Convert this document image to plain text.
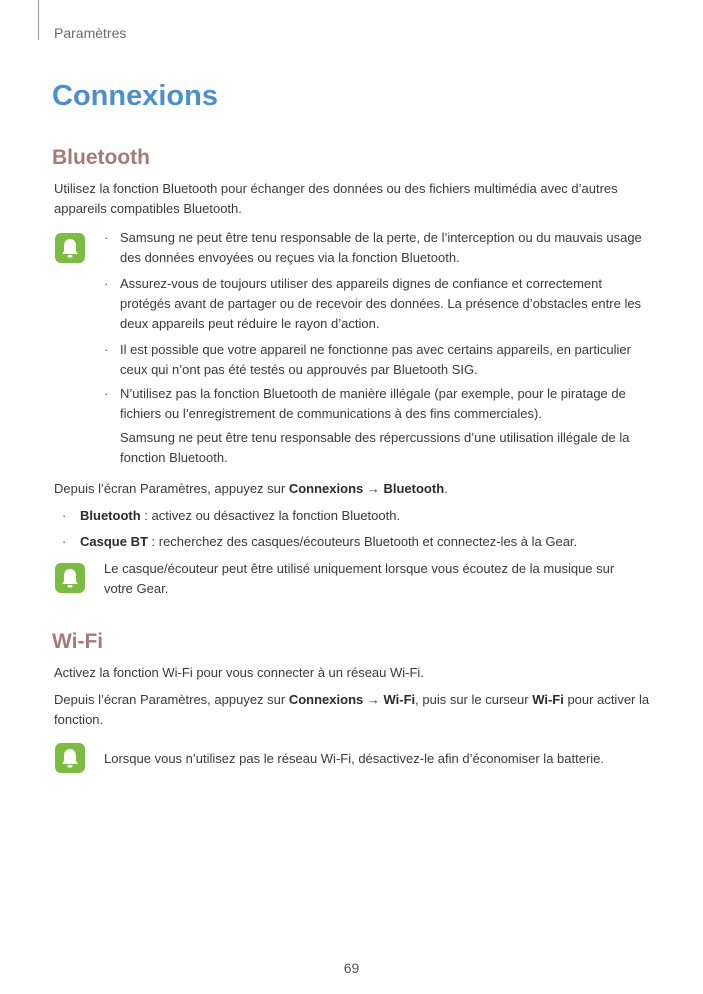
Paramètres
Connexions
Bluetooth
Utilisez la fonction Bluetooth pour échanger des données ou des fichiers multimédia avec d’autres appareils compatibles Bluetooth.
· Samsung ne peut être tenu responsable de la perte, de l’interception ou du mauvais usage des données envoyées ou reçues via la fonction Bluetooth.
· Assurez-vous de toujours utiliser des appareils dignes de confiance et correctement protégés avant de partager ou de recevoir des données. La présence d’obstacles entre les deux appareils peut réduire le rayon d’action.
· Il est possible que votre appareil ne fonctionne pas avec certains appareils, en particulier ceux qui n’ont pas été testés ou approuvés par Bluetooth SIG.
· N’utilisez pas la fonction Bluetooth de manière illégale (par exemple, pour le piratage de fichiers ou l’enregistrement de communications à des fins commerciales).
Samsung ne peut être tenu responsable des répercussions d’une utilisation illégale de la fonction Bluetooth.
Depuis l’écran Paramètres, appuyez sur Connexions → Bluetooth.
· Bluetooth : activez ou désactivez la fonction Bluetooth.
· Casque BT : recherchez des casques/écouteurs Bluetooth et connectez-les à la Gear.
Le casque/écouteur peut être utilisé uniquement lorsque vous écoutez de la musique sur votre Gear.
Wi-Fi
Activez la fonction Wi-Fi pour vous connecter à un réseau Wi-Fi.
Depuis l’écran Paramètres, appuyez sur Connexions → Wi-Fi, puis sur le curseur Wi-Fi pour activer la fonction.
Lorsque vous n’utilisez pas le réseau Wi-Fi, désactivez-le afin d’économiser la batterie.
69
